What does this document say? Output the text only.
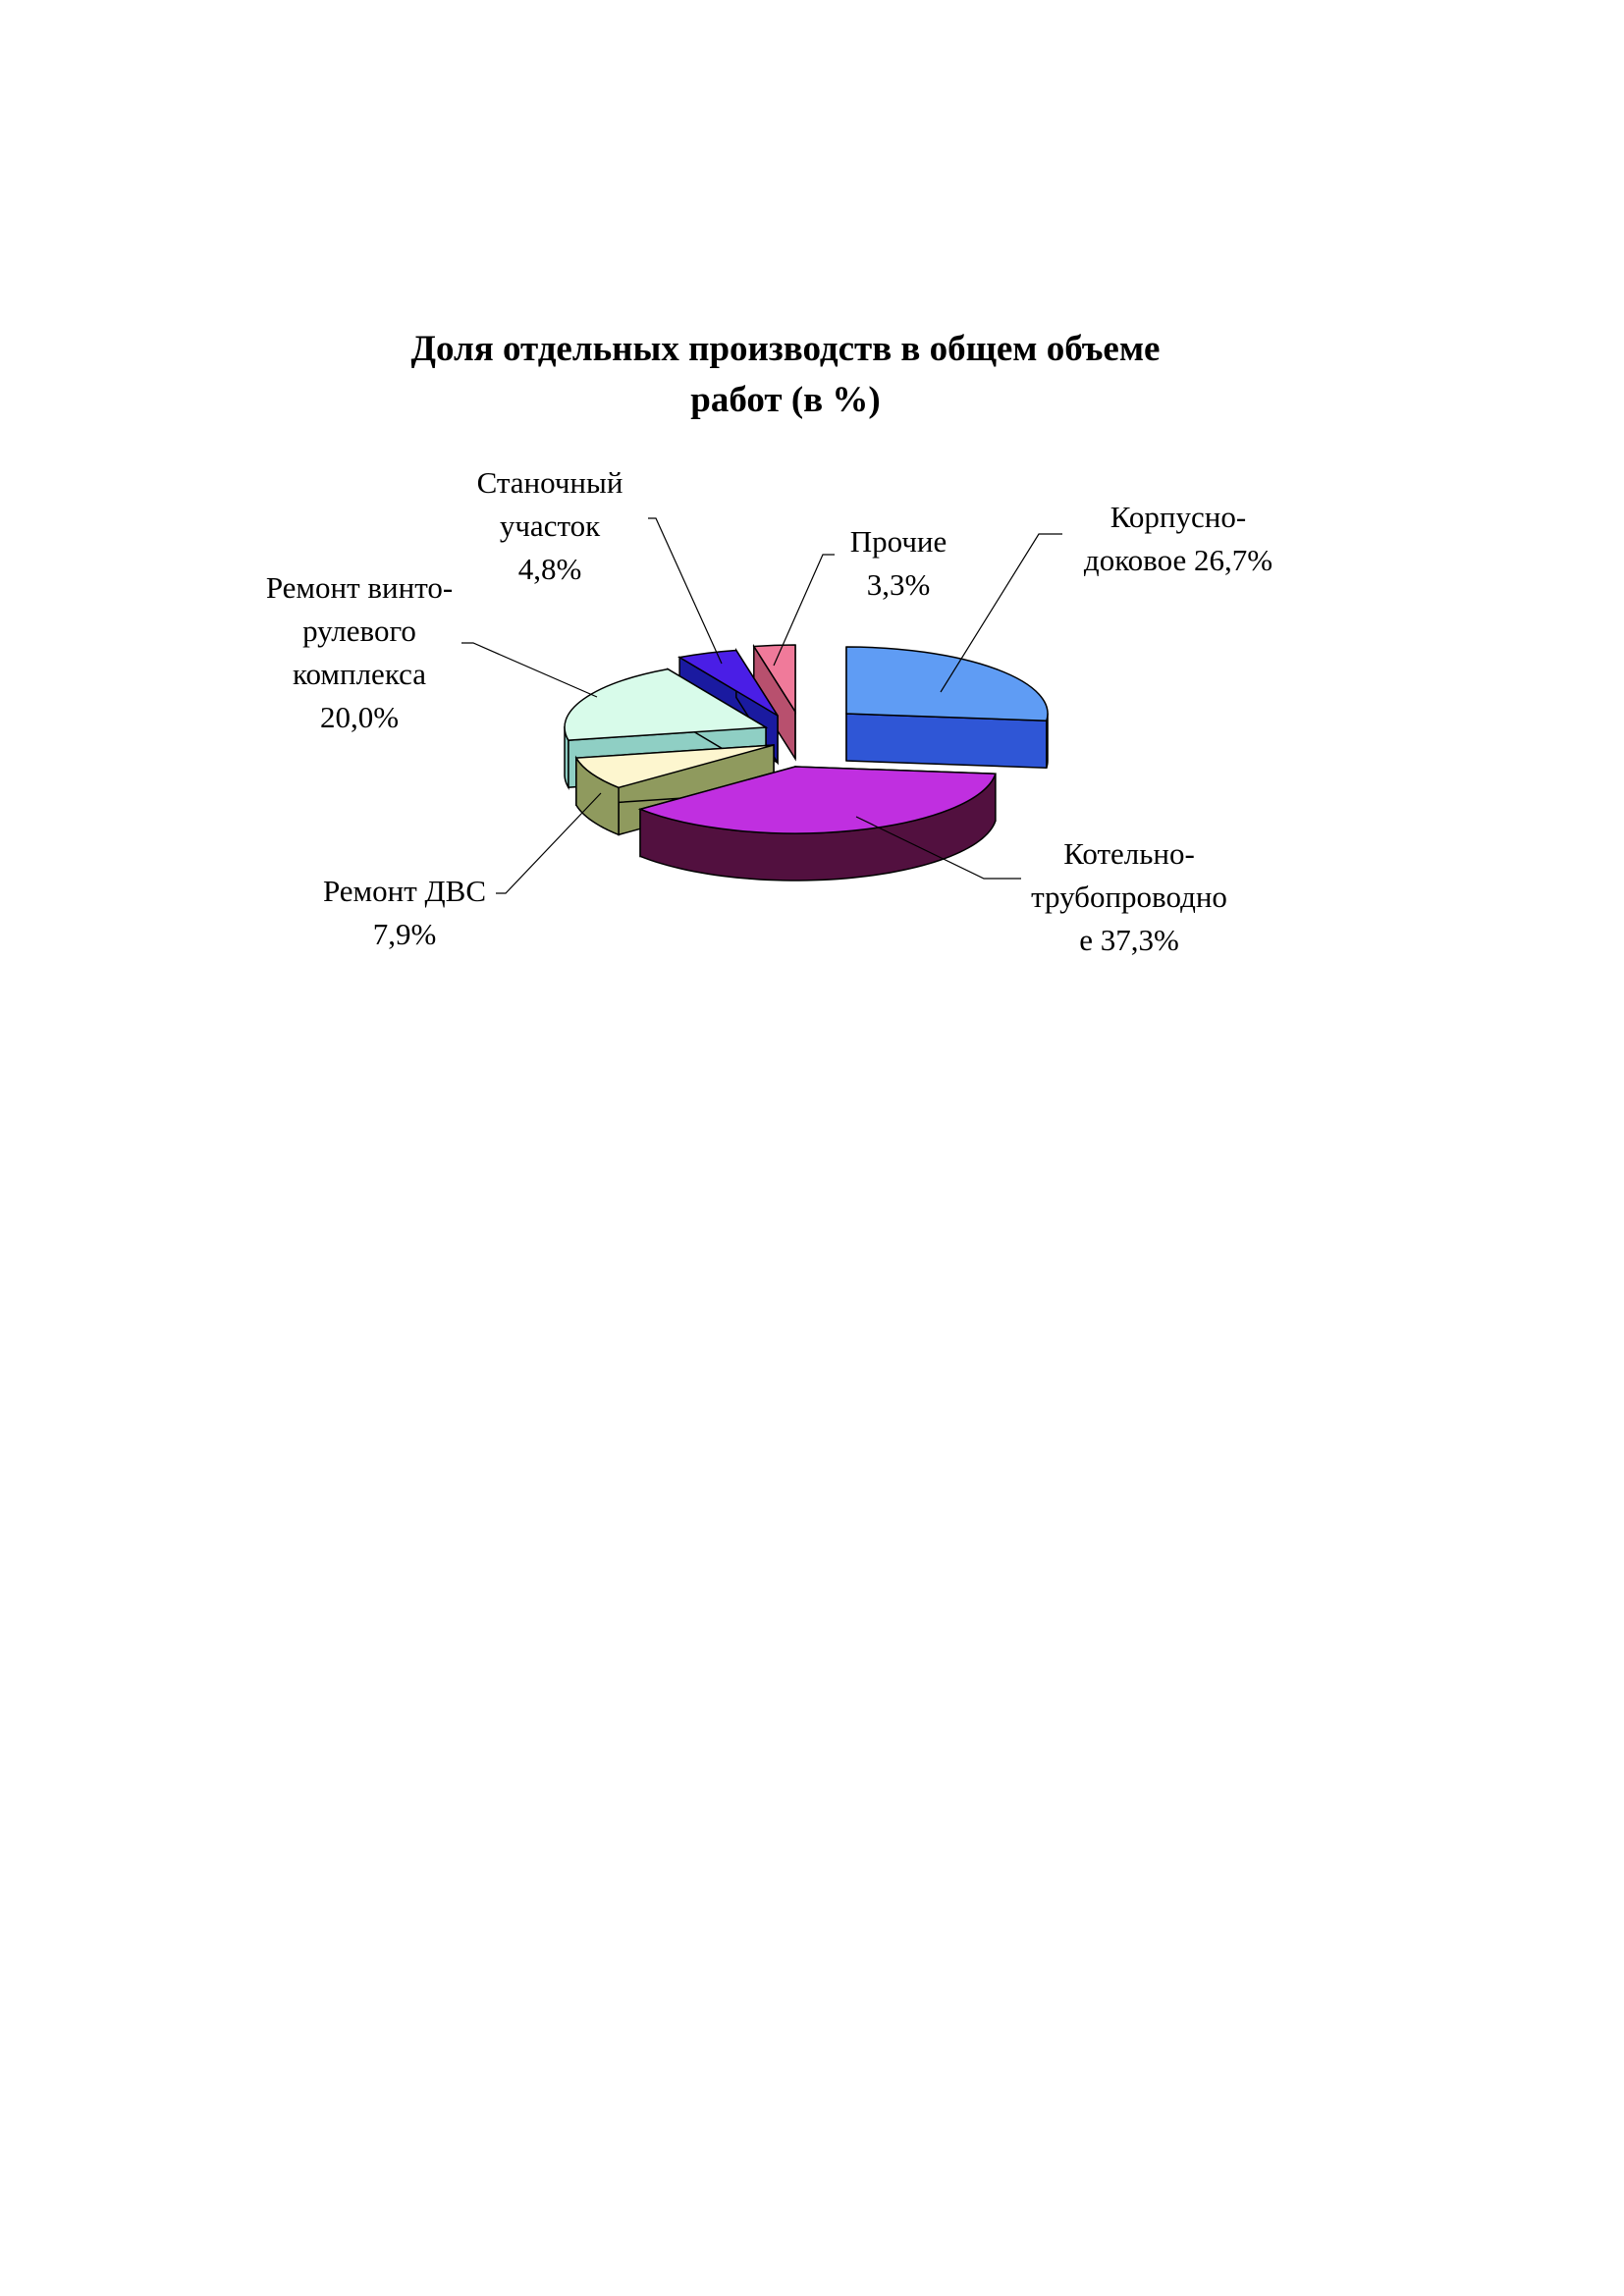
Доля отдельных производств в общем объеме
работ (в %)
Корпусно-
доковое 26,7%
Котельно-
трубопроводно
е 37,3%
Ремонт ДВС
7,9%
Ремонт винто-
рулевого
комплекса
20,0%
Станочный
участок
4,8%
Прочие
3,3%
